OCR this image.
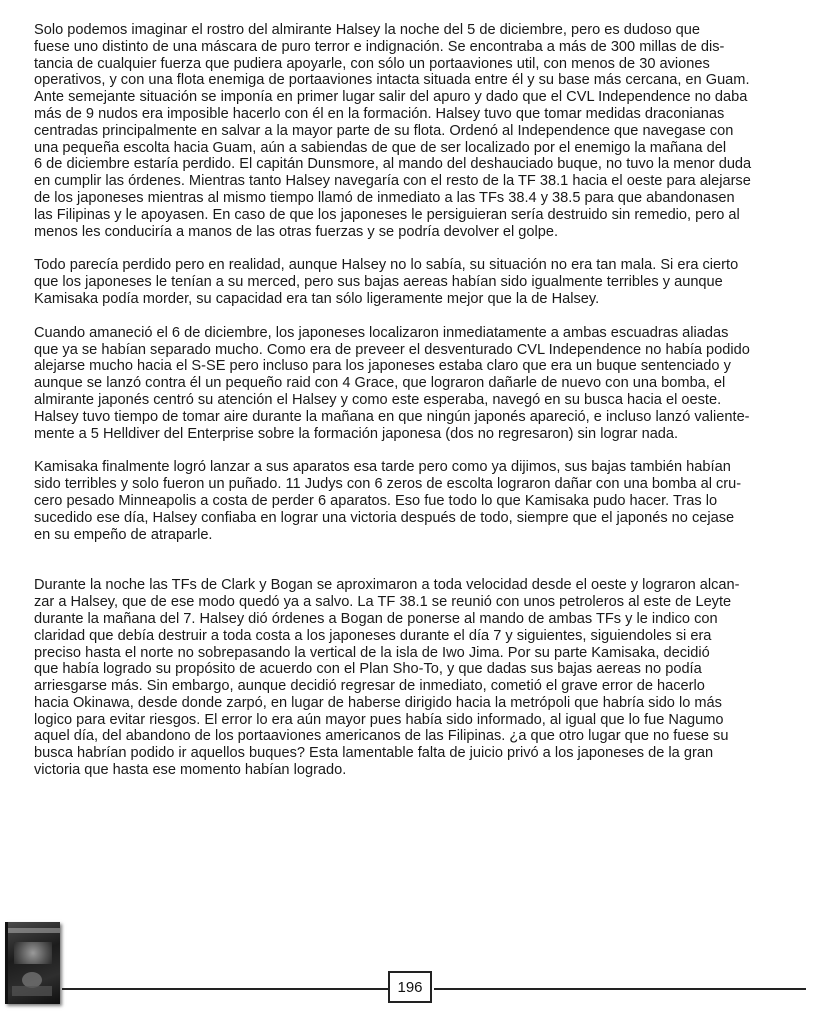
Solo podemos imaginar el rostro del almirante Halsey la noche del 5 de diciembre, pero es dudoso que
fuese uno distinto de una máscara de puro terror e indignación. Se encontraba a más de 300 millas de dis-
tancia de cualquier fuerza que pudiera apoyarle, con sólo un portaaviones util, con menos de 30 aviones
operativos, y con una flota enemiga de portaaviones intacta situada entre él y su base más cercana, en Guam.
Ante semejante situación se imponía en primer lugar salir del apuro y dado que el CVL Independence no daba
más de 9 nudos era imposible hacerlo con él en la formación. Halsey tuvo que tomar medidas draconianas
centradas principalmente en salvar a la mayor parte de su flota. Ordenó al Independence que navegase con
una pequeña escolta hacia Guam, aún a sabiendas de que de ser localizado por el enemigo la mañana del
6 de diciembre estaría perdido. El capitán Dunsmore, al mando del deshauciado buque, no tuvo la menor duda
en cumplir las órdenes. Mientras tanto Halsey navegaría con el resto de la TF 38.1 hacia el oeste para alejarse
de los japoneses mientras al mismo tiempo llamó de inmediato a las TFs 38.4 y 38.5 para que abandonasen
las Filipinas y le apoyasen. En caso de que los japoneses le persiguieran sería destruido sin remedio, pero al
menos les conduciría a manos de las otras fuerzas y se podría devolver el golpe.

Todo parecía perdido pero en realidad, aunque Halsey no lo sabía, su situación no era tan mala. Si era cierto
que los japoneses le tenían a su merced, pero sus bajas aereas habían sido igualmente terribles y aunque
Kamisaka podía morder, su capacidad era tan sólo ligeramente mejor que la de Halsey.

Cuando amaneció el 6 de diciembre, los japoneses localizaron inmediatamente a ambas escuadras aliadas
que ya se habían separado mucho. Como era de preveer el desventurado CVL Independence no había podido
alejarse mucho hacia el S-SE pero incluso para los japoneses estaba claro que era un buque sentenciado y
aunque se lanzó contra él un pequeño raid con 4 Grace, que lograron dañarle de nuevo con una bomba, el
almirante japonés centró su atención el Halsey y como este esperaba, navegó en su busca hacia el oeste.
Halsey tuvo tiempo de tomar aire durante la mañana en que ningún japonés apareció, e incluso lanzó valiente-
mente a 5 Helldiver del Enterprise sobre la formación japonesa (dos no regresaron) sin lograr nada.

Kamisaka finalmente logró lanzar a sus aparatos esa tarde pero como ya dijimos, sus bajas también habían
sido terribles y solo fueron un puñado. 11 Judys con 6 zeros de escolta lograron dañar con una bomba al cru-
cero pesado Minneapolis a costa de perder 6 aparatos. Eso fue todo lo que Kamisaka pudo hacer. Tras lo
sucedido ese día, Halsey confiaba en lograr una victoria después de todo, siempre que el japonés no cejase
en su empeño de atraparle.

Durante la noche las TFs de Clark y Bogan se aproximaron a toda velocidad desde el oeste y lograron alcan-
zar a Halsey, que de ese modo quedó ya a salvo. La TF 38.1 se reunió con unos petroleros al este de Leyte
durante la mañana del 7. Halsey dió órdenes a Bogan de ponerse al mando de ambas TFs y le indico con
claridad que debía destruir a toda costa a los japoneses durante el día 7 y siguientes, siguiendoles si era
preciso hasta el norte no sobrepasando la vertical de la isla de Iwo Jima. Por su parte Kamisaka, decidió
que había logrado su propósito de acuerdo con el Plan Sho-To, y que dadas sus bajas aereas no podía
arriesgarse más. Sin embargo, aunque decidió regresar de inmediato, cometió el grave error de hacerlo
hacia Okinawa, desde donde zarpó, en lugar de haberse dirigido hacia la metrópoli que habría sido lo más
logico para evitar riesgos. El error lo era aún mayor pues había sido informado, al igual que lo fue Nagumo
aquel día, del abandono de los portaaviones americanos de las Filipinas. ¿a que otro lugar que no fuese su
busca habrían podido ir aquellos buques? Esta lamentable falta de juicio privó a los japoneses de la gran
victoria que hasta ese momento habían logrado.

196
